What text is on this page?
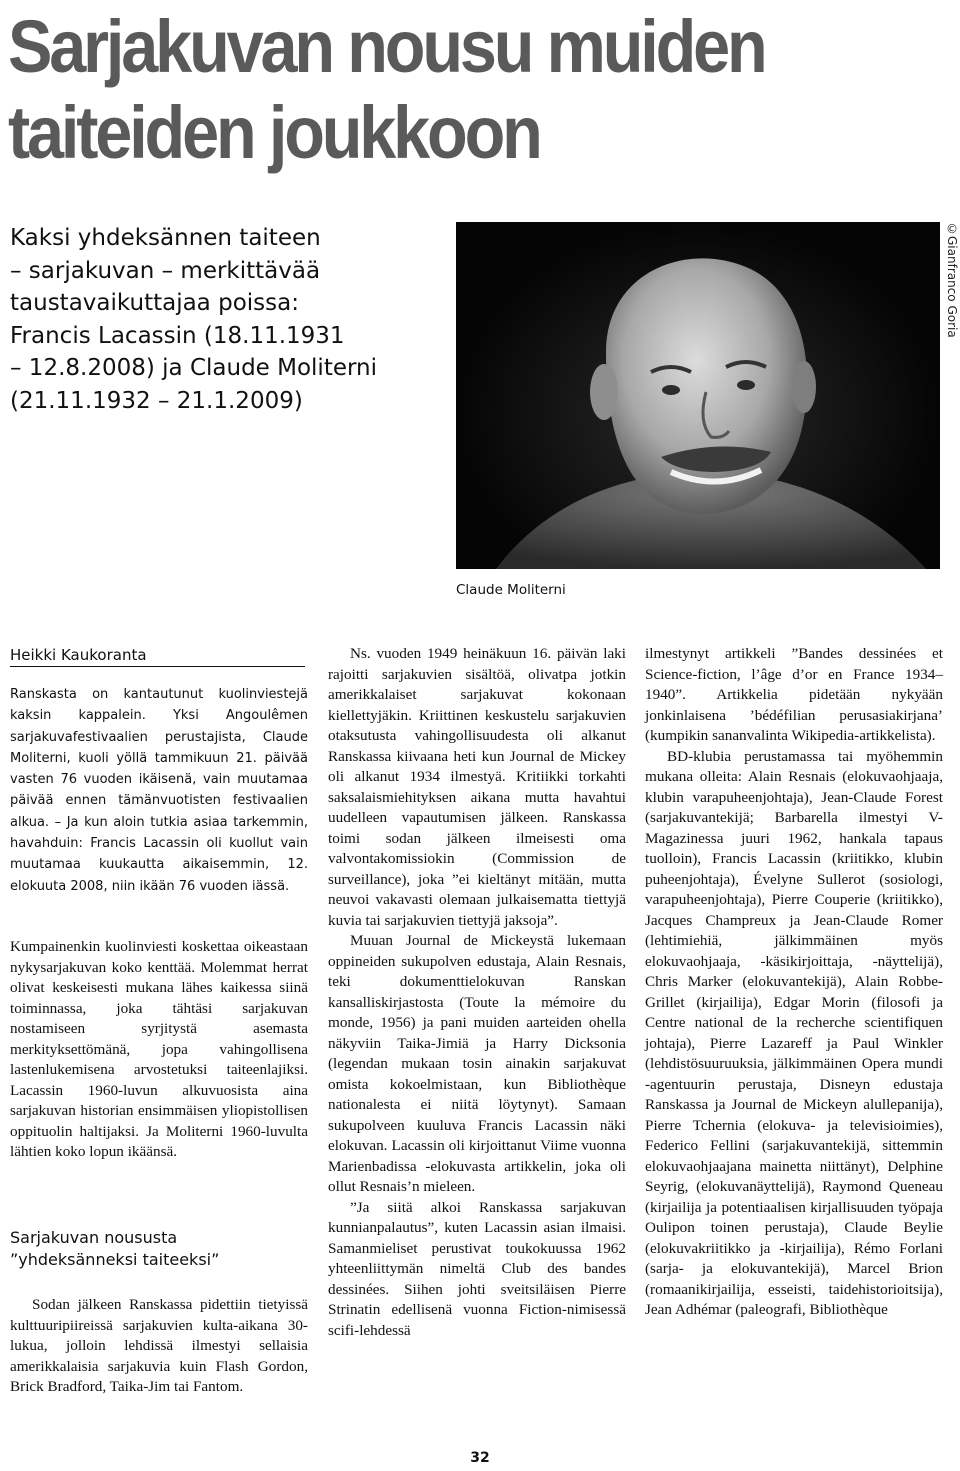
Sarjakuvan nousu muiden
taiteiden joukkoon
Kaksi yhdeksännen taiteen
– sarjakuvan – merkittävää
taustavaikuttajaa poissa:
Francis Lacassin (18.11.1931
– 12.8.2008) ja Claude Moliterni
(21.11.1932 – 21.1.2009)
©Gianfranco Goria
Claude Moliterni
Heikki Kaukoranta
Ranskasta on kantautunut kuolinviestejä kaksin kappalein. Yksi Angoulêmen sarjakuvafestivaalien perustajista, Claude Moliterni, kuoli yöllä tammikuun 21. päivää vasten 76 vuoden ikäisenä, vain muutamaa päivää ennen tämänvuotisten festivaalien alkua. – Ja kun aloin tutkia asiaa tarkemmin, havahduin: Francis Lacassin oli kuollut vain muutamaa kuukautta aikaisemmin, 12. elokuuta 2008, niin ikään 76 vuoden iässä.

Kumpainenkin kuolinviesti koskettaa oikeastaan nykysarjakuvan koko kenttää. Molemmat herrat olivat keskeisesti mukana lähes kaikessa siinä toiminnassa, joka tähtäsi sarjakuvan nostamiseen syrjitystä asemasta merkityksettömänä, jopa vahingollisena lastenlukemisena arvostetuksi taiteenlajiksi. Lacassin 1960-luvun alkuvuosista aina sarjakuvan historian ensimmäisen yliopistollisen oppituolin haltijaksi. Ja Moliterni 1960-luvulta lähtien koko lopun ikäänsä.

Sarjakuvan noususta
”yhdeksänneksi taiteeksi”

Sodan jälkeen Ranskassa pidettiin tietyissä kulttuuripiireissä sarjakuvien kulta-aikana 30-lukua, jolloin lehdissä ilmestyi sellaisia amerikkalaisia sarjakuvia kuin Flash Gordon, Brick Bradford, Taika-Jim tai Fantom.

Ns. vuoden 1949 heinäkuun 16. päivän laki rajoitti sarjakuvien sisältöä, olivatpa jotkin amerikkalaiset sarjakuvat kokonaan kiellettyjäkin. Kriittinen keskustelu sarjakuvien otaksutusta vahingollisuudesta oli alkanut Ranskassa kiivaana heti kun Journal de Mickey oli alkanut 1934 ilmestyä. Kritiikki torkahti saksalaismiehityksen aikana mutta havahtui uudelleen vapautumisen jälkeen. Ranskassa toimi sodan jälkeen ilmeisesti oma valvontakomissiokin (Commission de surveillance), joka ”ei kieltänyt mitään, mutta neuvoi vakavasti olemaan julkaisematta tiettyjä kuvia tai sarjakuvien tiettyjä jaksoja”.

Muuan Journal de Mickeystä lukemaan oppineiden sukupolven edustaja, Alain Resnais, teki dokumenttielokuvan Ranskan kansalliskirjastosta (Toute la mémoire du monde, 1956) ja pani muiden aarteiden ohella näkyviin Taika-Jimiä ja Harry Dicksonia (legendan mukaan tosin ainakin sarjakuvat omista kokoelmistaan, kun Bibliothèque nationalesta ei niitä löytynyt). Samaan sukupolveen kuuluva Francis Lacassin näki elokuvan. Lacassin oli kirjoittanut Viime vuonna Marienbadissa -elokuvasta artikkelin, joka oli ollut Resnais’n mieleen.

”Ja siitä alkoi Ranskassa sarjakuvan kunnianpalautus”, kuten Lacassin asian ilmaisi. Samanmieliset perustivat toukokuussa 1962 yhteenliittymän nimeltä Club des bandes dessinées. Siihen johti sveitsiläisen Pierre Strinatin edellisenä vuonna Fiction-nimisessä scifi-lehdessä

ilmestynyt artikkeli ”Bandes dessinées et Science-fiction, l’âge d’or en France 1934–1940”. Artikkelia pidetään nykyään jonkinlaisena ’bédéfilian perusasiakirjana’ (kumpikin sananvalinta Wikipedia-artikkelista).

BD-klubia perustamassa tai myöhemmin mukana olleita: Alain Resnais (elokuvaohjaaja, klubin varapuheenjohtaja), Jean-Claude Forest (sarjakuvantekijä; Barbarella ilmestyi V-Magazinessa juuri 1962, hankala tapaus tuolloin), Francis Lacassin (kriitikko, klubin puheenjohtaja), Évelyne Sullerot (sosiologi, varapuheenjohtaja), Pierre Couperie (kriitikko), Jacques Champreux ja Jean-Claude Romer (lehtimiehiä, jälkimmäinen myös elokuvaohjaaja, -käsikirjoittaja, -näyttelijä), Chris Marker (elokuvantekijä), Alain Robbe-Grillet (kirjailija), Edgar Morin (filosofi ja Centre national de la recherche scientifiquen johtaja), Pierre Lazareff ja Paul Winkler (lehdistösuuruuksia, jälkimmäinen Opera mundi -agentuurin perustaja, Disneyn edustaja Ranskassa ja Journal de Mickeyn alullepanija), Pierre Tchernia (elokuva- ja televisioimies), Federico Fellini (sarjakuvantekijä, sittemmin elokuvaohjaajana mainetta niittänyt), Delphine Seyrig, (elokuvanäyttelijä), Raymond Queneau (kirjailija ja potentiaalisen kirjallisuuden työpaja Oulipon toinen perustaja), Claude Beylie (elokuvakriitikko ja -kirjailija), Rémo Forlani (sarja- ja elokuvantekijä), Marcel Brion (romaanikirjailija, esseisti, taidehistorioitsija), Jean Adhémar (paleografi, Bibliothèque

32
